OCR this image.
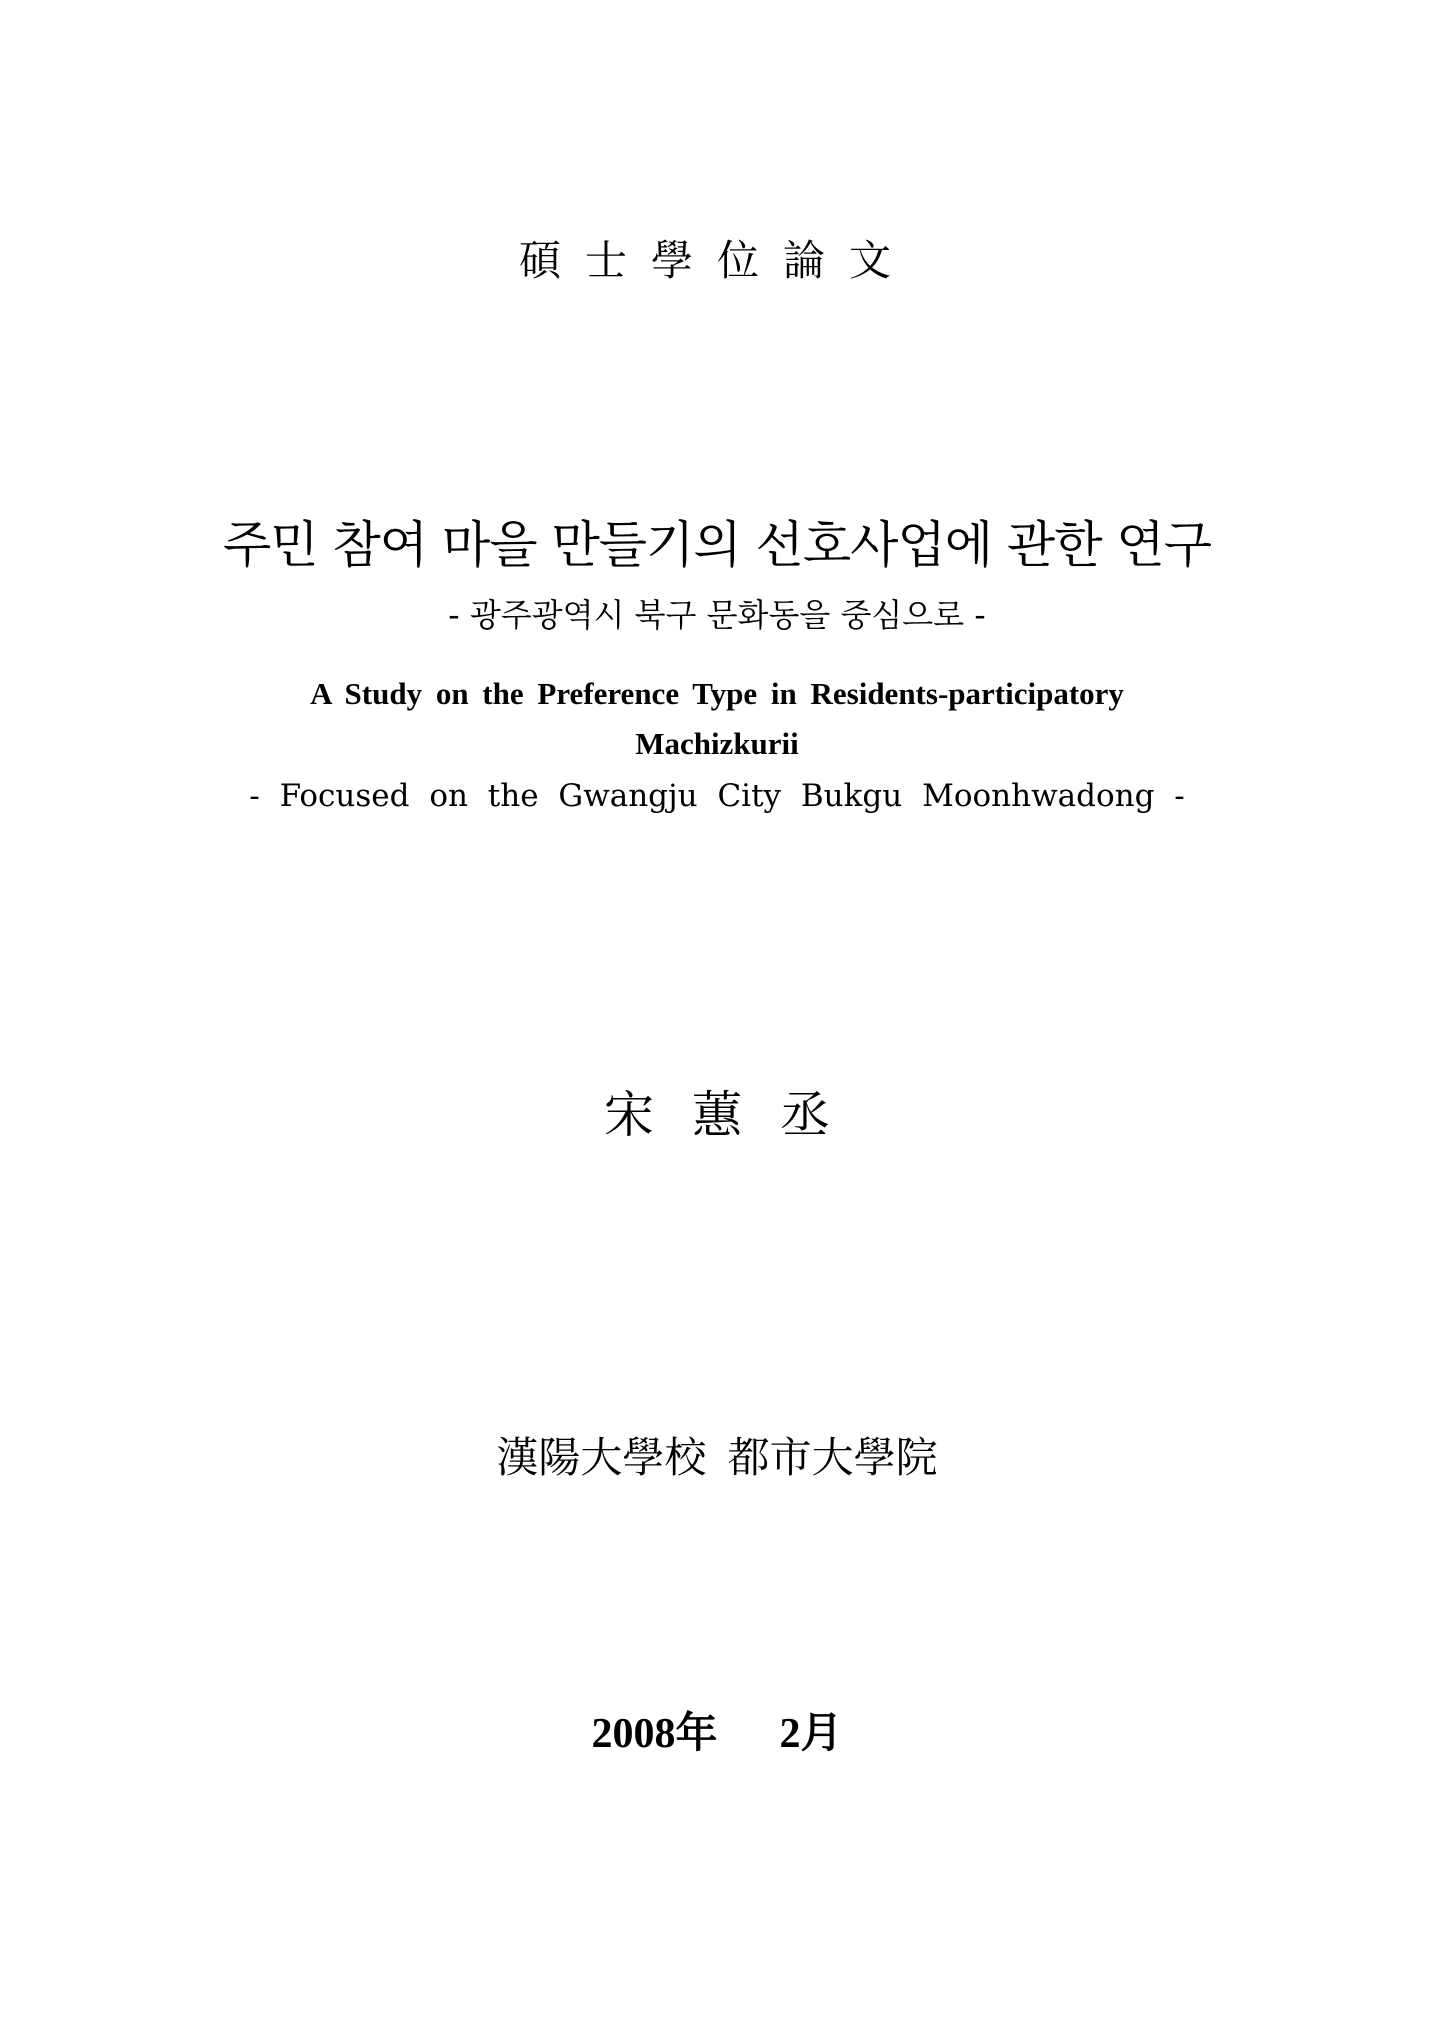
碩士學位論文
주민 참여 마을 만들기의 선호사업에 관한 연구
- 광주광역시 북구 문화동을 중심으로 -
A Study on the Preference Type in Residents-participatory
Machizkurii
- Focused on the Gwangju City Bukgu Moonhwadong -
宋蕙丞
漢陽大學校 都市大學院
2008年 2月
